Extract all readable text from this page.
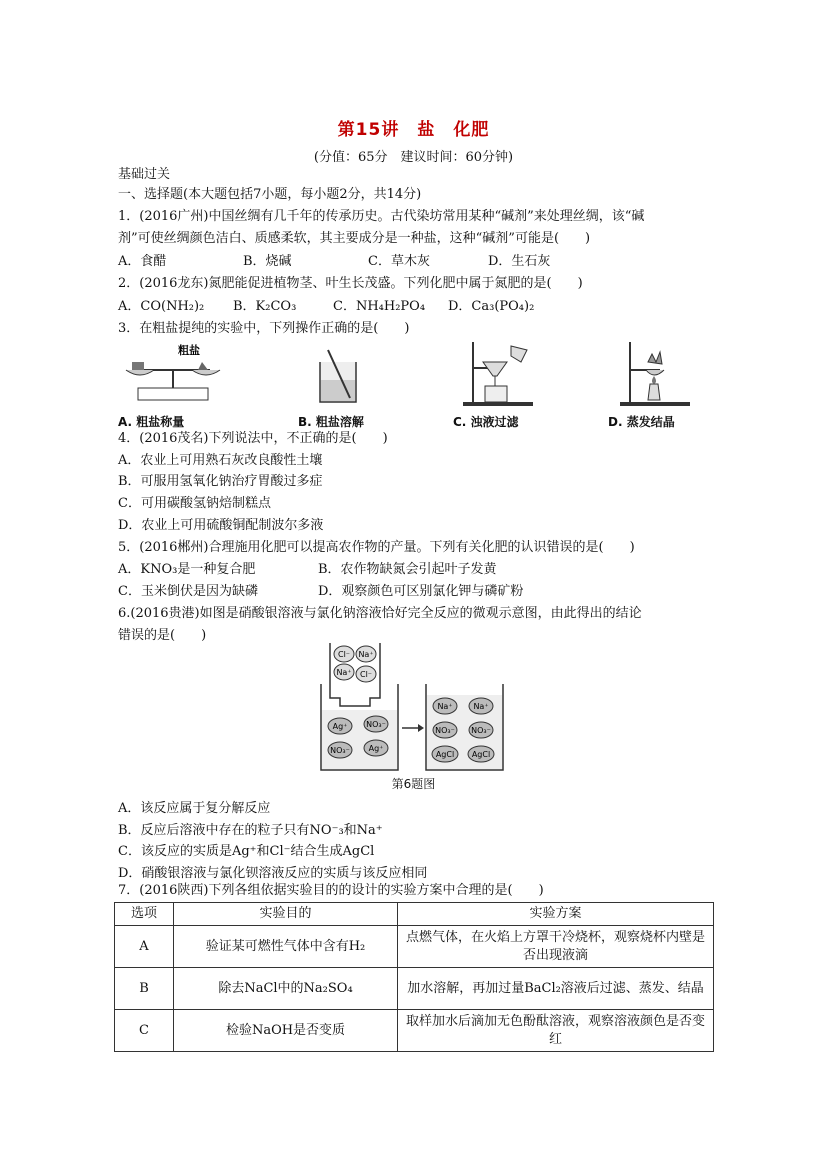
第15讲　盐　化肥
(分值：65分　建议时间：60分钟)
基础过关
一、选择题(本大题包括7小题，每小题2分，共14分)
1．(2016广州)中国丝绸有几千年的传承历史。古代染坊常用某种“碱剂”来处理丝绸，该“碱
剂”可使丝绸颜色洁白、质感柔软，其主要成分是一种盐，这种“碱剂”可能是(　　)
A．食醋	B．烧碱	C．草木灰	D．生石灰
2．(2016龙东)氮肥能促进植物茎、叶生长茂盛。下列化肥中属于氮肥的是(　　)
A．CO(NH₂)₂ B．K₂CO₃	C．NH₄H₂PO₄ D．Ca₃(PO₄)₂
3．在粗盐提纯的实验中，下列操作正确的是(　　)
粗盐
A. 粗盐称量	B. 粗盐溶解	C. 浊液过滤	D. 蒸发结晶
4．(2016茂名)下列说法中，不正确的是(　　)
A．农业上可用熟石灰改良酸性土壤
B．可服用氢氧化钠治疗胃酸过多症
C．可用碳酸氢钠焙制糕点
D．农业上可用硫酸铜配制波尔多液
5．(2016郴州)合理施用化肥可以提高农作物的产量。下列有关化肥的认识错误的是(　　)
A．KNO₃是一种复合肥	B．农作物缺氮会引起叶子发黄
C．玉米倒伏是因为缺磷	D．观察颜色可区别氯化钾与磷矿粉
6.(2016贵港)如图是硝酸银溶液与氯化钠溶液恰好完全反应的微观示意图，由此得出的结论
错误的是(　　)
Cl⁻ Na⁺
Na⁺ Cl⁻
Ag⁺ NO₃⁻
NO₃⁻ Ag⁺
Na⁺	Na⁺
NO₃⁻ NO₃⁻
AgCl AgCl
第6题图
A．该反应属于复分解反应
B．反应后溶液中存在的粒子只有NO⁻₃和Na⁺
C．该反应的实质是Ag⁺和Cl⁻结合生成AgCl
D．硝酸银溶液与氯化钡溶液反应的实质与该反应相同
7．(2016陕西)下列各组依据实验目的的设计的实验方案中合理的是(　　)
选项	实验目的	实验方案
A	验证某可燃性气体中含有H₂	点燃气体，在火焰上方罩干冷烧杯，观察烧杯内壁是否出现液滴
B	除去NaCl中的Na₂SO₄	加水溶解，再加过量BaCl₂溶液后过滤、蒸发、结晶
C	检验NaOH是否变质	取样加水后滴加无色酚酞溶液，观察溶液颜色是否变红
